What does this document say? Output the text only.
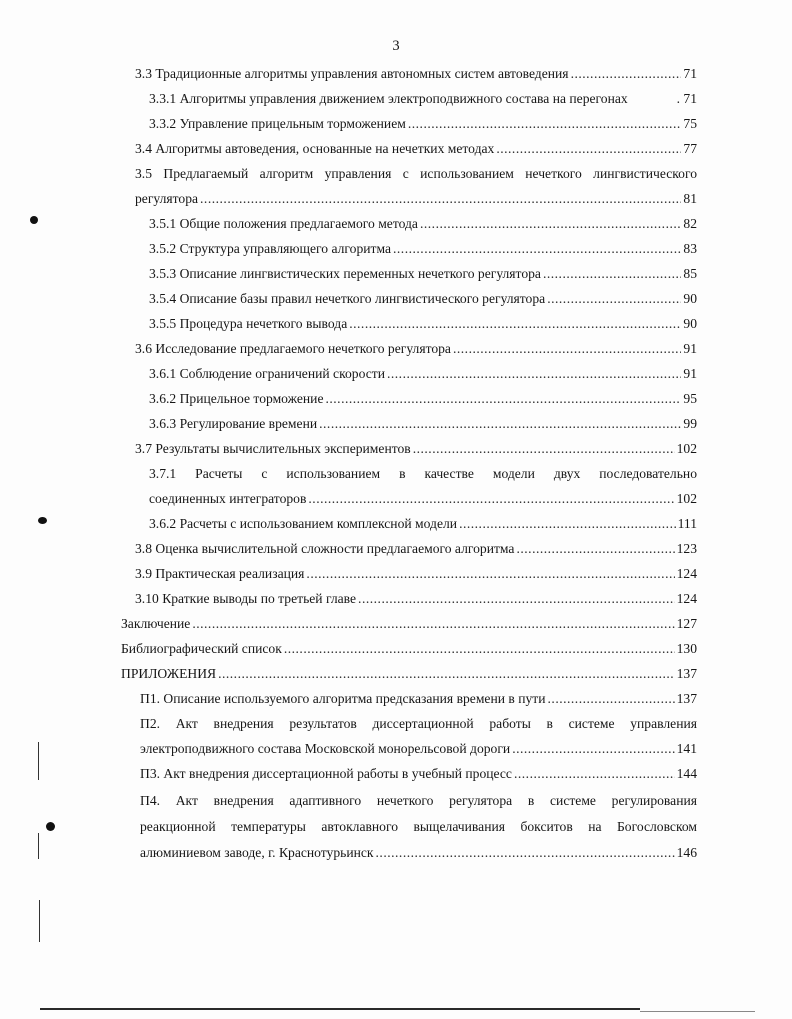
3
3.3 Традиционные алгоритмы управления автономных систем автоведения .....	71
3.3.1 Алгоритмы управления движением электроподвижного состава на перегонах	. 71
3.3.2 Управление прицельным торможением .....	75
3.4 Алгоритмы автоведения, основанные на нечетких методах .....	77
3.5 Предлагаемый алгоритм управления с использованием нечеткого лингвистического
регулятора .....	81
3.5.1 Общие положения предлагаемого метода .....	82
3.5.2 Структура управляющего алгоритма .....	83
3.5.3 Описание лингвистических переменных нечеткого регулятора .....	85
3.5.4 Описание базы правил нечеткого лингвистического регулятора .....	90
3.5.5 Процедура нечеткого вывода .....	90
3.6 Исследование предлагаемого нечеткого регулятора .....	91
3.6.1 Соблюдение ограничений скорости .....	91
3.6.2 Прицельное торможение .....	95
3.6.3 Регулирование времени .....	99
3.7 Результаты вычислительных экспериментов .....	102
3.7.1 Расчеты с использованием в качестве модели двух последовательно
соединенных интеграторов .....	102
3.6.2 Расчеты с использованием комплексной модели .....	111
3.8 Оценка вычислительной сложности предлагаемого алгоритма .....	123
3.9 Практическая реализация .....	124
3.10 Краткие выводы по третьей главе .....	124
Заключение .....	127
Библиографический список .....	130
ПРИЛОЖЕНИЯ .....	137
П1. Описание используемого алгоритма предсказания времени в пути .....	137
П2. Акт внедрения результатов диссертационной работы в системе управления
электроподвижного состава Московской монорельсовой дороги .....	141
П3. Акт внедрения диссертационной работы в учебный процесс .....	144
П4. Акт внедрения адаптивного нечеткого регулятора в системе регулирования
реакционной температуры автоклавного выщелачивания бокситов на Богословском
алюминиевом заводе, г. Краснотурьинск .....	146
